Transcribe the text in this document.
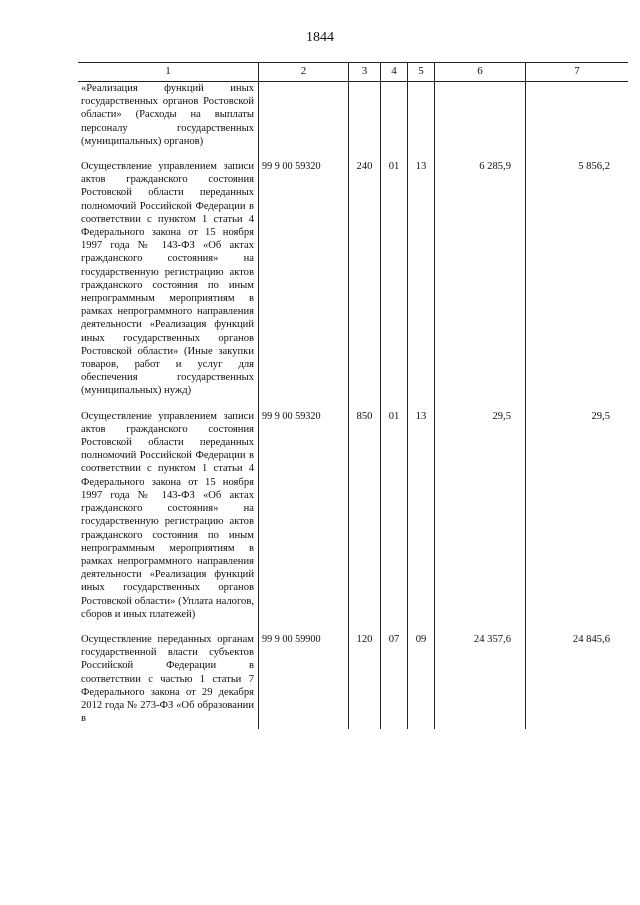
1844
1	2	3	4	5	6	7
«Реализация функций иных государственных органов Ростовской области» (Расходы на выплаты персоналу государственных (муниципальных) органов)						
Осуществление управлением записи актов гражданского состояния Ростовской области переданных полномочий Российской Федерации в соответствии с пунктом 1 статьи 4 Федерального закона от 15 ноября 1997 года № 143-ФЗ «Об актах гражданского состояния» на государственную регистрацию актов гражданского состояния по иным непрограммным мероприятиям в рамках непрограммного направления деятельности «Реализация функций иных государственных органов Ростовской области» (Иные закупки товаров, работ и услуг для обеспечения государственных (муниципальных) нужд)	99 9 00 59320	240	01	13	6 285,9	5 856,2
Осуществление управлением записи актов гражданского состояния Ростовской области переданных полномочий Российской Федерации в соответствии с пунктом 1 статьи 4 Федерального закона от 15 ноября 1997 года № 143-ФЗ «Об актах гражданского состояния» на государственную регистрацию актов гражданского состояния по иным непрограммным мероприятиям в рамках непрограммного направления деятельности «Реализация функций иных государственных органов Ростовской области» (Уплата налогов, сборов и иных платежей)	99 9 00 59320	850	01	13	29,5	29,5
Осуществление переданных органам государственной власти субъектов Российской Федерации в соответствии с частью 1 статьи 7 Федерального закона от 29 декабря 2012 года № 273-ФЗ «Об образовании в	99 9 00 59900	120	07	09	24 357,6	24 845,6
